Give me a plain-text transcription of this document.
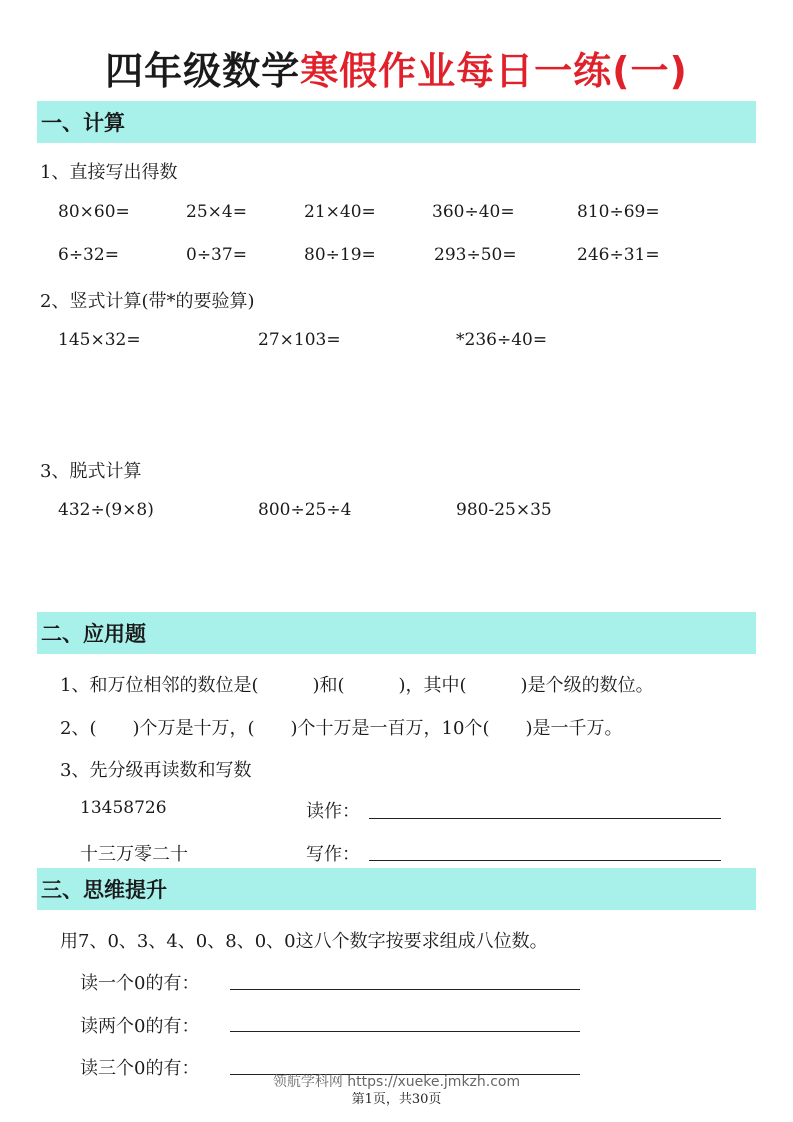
四年级数学寒假作业每日一练(一)
一、计算
1、直接写出得数
80×60=	25×4=	21×40=	360÷40=	810÷69=
6÷32=	0÷37=	80÷19=	293÷50=	246÷31=
2、竖式计算(带*的要验算)
145×32=	27×103=	*236÷40=
3、脱式计算
432÷(9×8)	800÷25÷4	980-25×35
二、应用题
1、和万位相邻的数位是(　　　)和(　　　)，其中(　　　)是个级的数位。
2、(　　)个万是十万，(　　)个十万是一百万，10个(　　)是一千万。
3、先分级再读数和写数
13458726	读作：
十三万零二十	写作：
三、思维提升
用7、0、3、4、0、8、0、0这八个数字按要求组成八位数。
读一个0的有：
读两个0的有：
读三个0的有：
领航学科网 https://xueke.jmkzh.com
第1页，共30页
